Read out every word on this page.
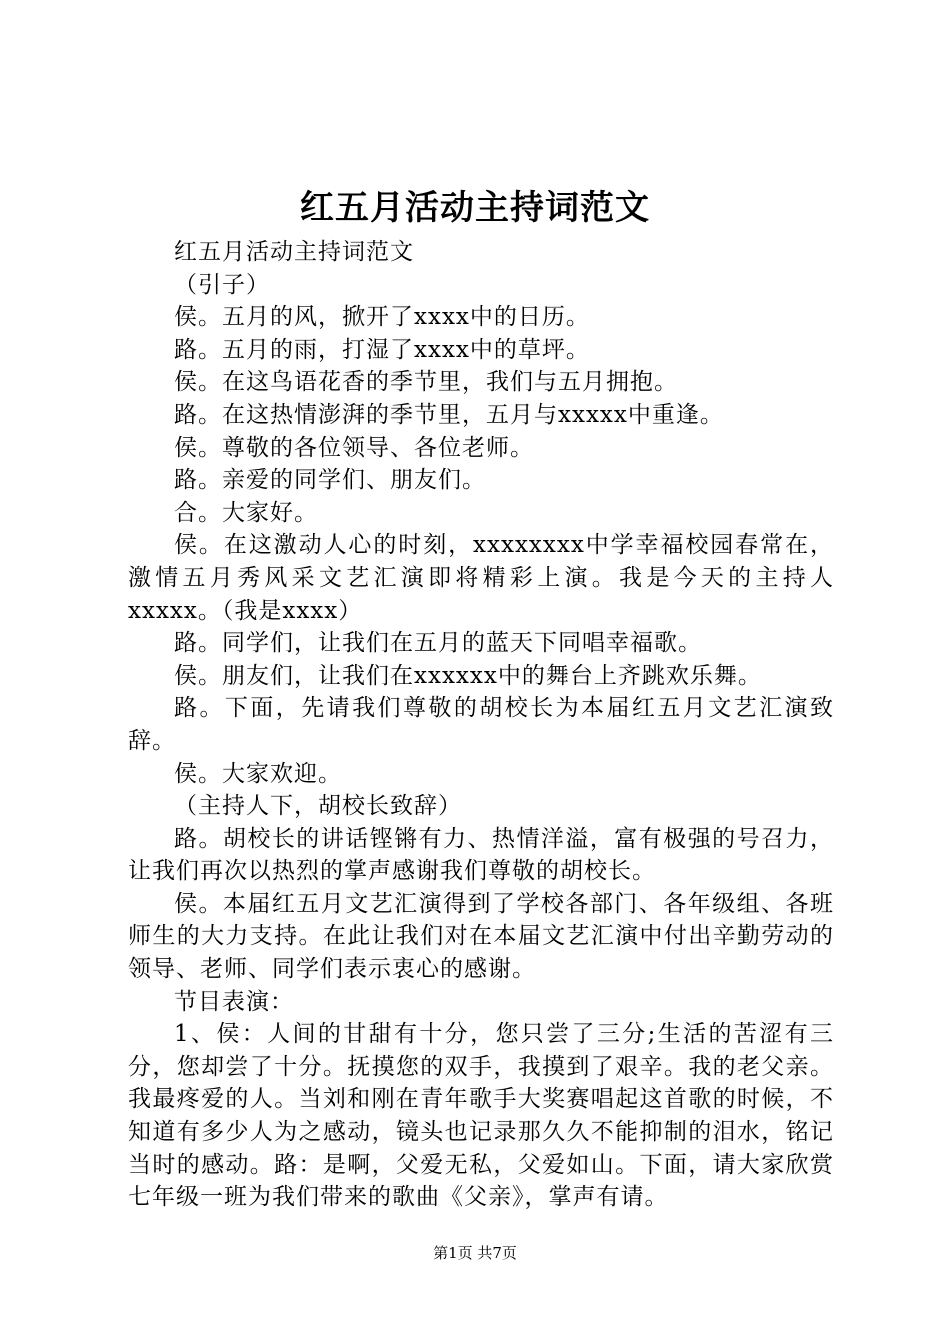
红五月活动主持词范文

红五月活动主持词范文

（引子）

侯。五月的风，掀开了xxxx中的日历。

路。五月的雨，打湿了xxxx中的草坪。

侯。在这鸟语花香的季节里，我们与五月拥抱。

路。在这热情澎湃的季节里，五月与xxxxx中重逢。

侯。尊敬的各位领导、各位老师。

路。亲爱的同学们、朋友们。

合。大家好。

侯。在这激动人心的时刻，xxxxxxxx中学幸福校园春常在，激情五月秀风采文艺汇演即将精彩上演。我是今天的主持人xxxxx。（我是xxxx）

路。同学们，让我们在五月的蓝天下同唱幸福歌。

侯。朋友们，让我们在xxxxxx中的舞台上齐跳欢乐舞。

路。下面，先请我们尊敬的胡校长为本届红五月文艺汇演致辞。

侯。大家欢迎。

（主持人下，胡校长致辞）

路。胡校长的讲话铿锵有力、热情洋溢，富有极强的号召力，让我们再次以热烈的掌声感谢我们尊敬的胡校长。

侯。本届红五月文艺汇演得到了学校各部门、各年级组、各班师生的大力支持。在此让我们对在本届文艺汇演中付出辛勤劳动的领导、老师、同学们表示衷心的感谢。

节目表演：

1、侯：人间的甘甜有十分，您只尝了三分;生活的苦涩有三分，您却尝了十分。抚摸您的双手，我摸到了艰辛。我的老父亲。我最疼爱的人。当刘和刚在青年歌手大奖赛唱起这首歌的时候，不知道有多少人为之感动，镜头也记录那久久不能抑制的泪水，铭记当时的感动。路：是啊，父爱无私，父爱如山。下面，请大家欣赏七年级一班为我们带来的歌曲《父亲》，掌声有请。

第1页 共7页
